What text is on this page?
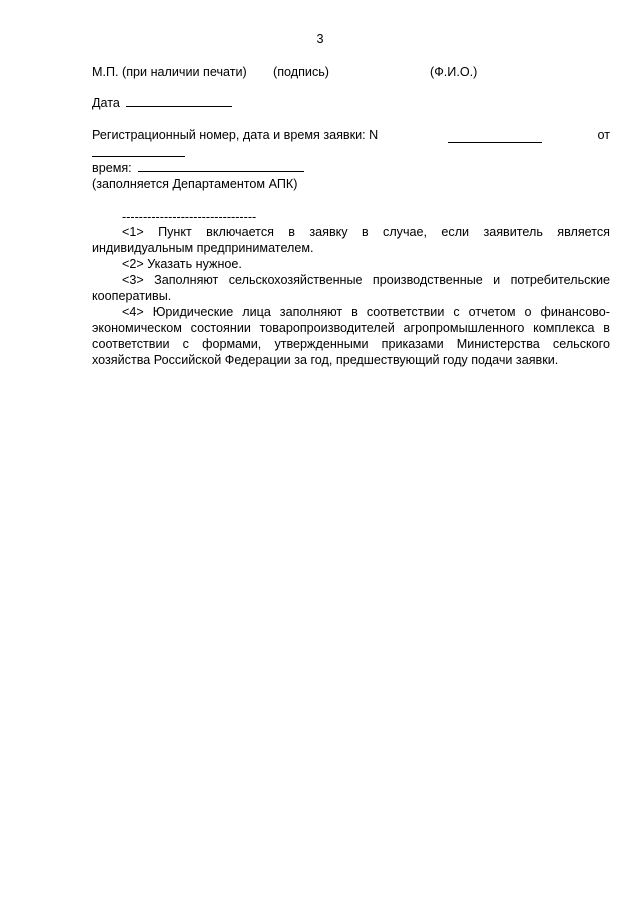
3
М.П. (при наличии печати) (подпись)	(Ф.И.О.)
Дата
Регистрационный номер, дата и время заявки: N	от
время:
(заполняется Департаментом АПК)
--------------------------------
<1> Пункт включается в заявку в случае, если заявитель является индивидуальным предпринимателем.
<2> Указать нужное.
<3> Заполняют сельскохозяйственные производственные и потребительские кооперативы.
<4> Юридические лица заполняют в соответствии с отчетом о финансово-экономическом состоянии товаропроизводителей агропромышленного комплекса в соответствии с формами, утвержденными приказами Министерства сельского хозяйства Российской Федерации за год, предшествующий году подачи заявки.
